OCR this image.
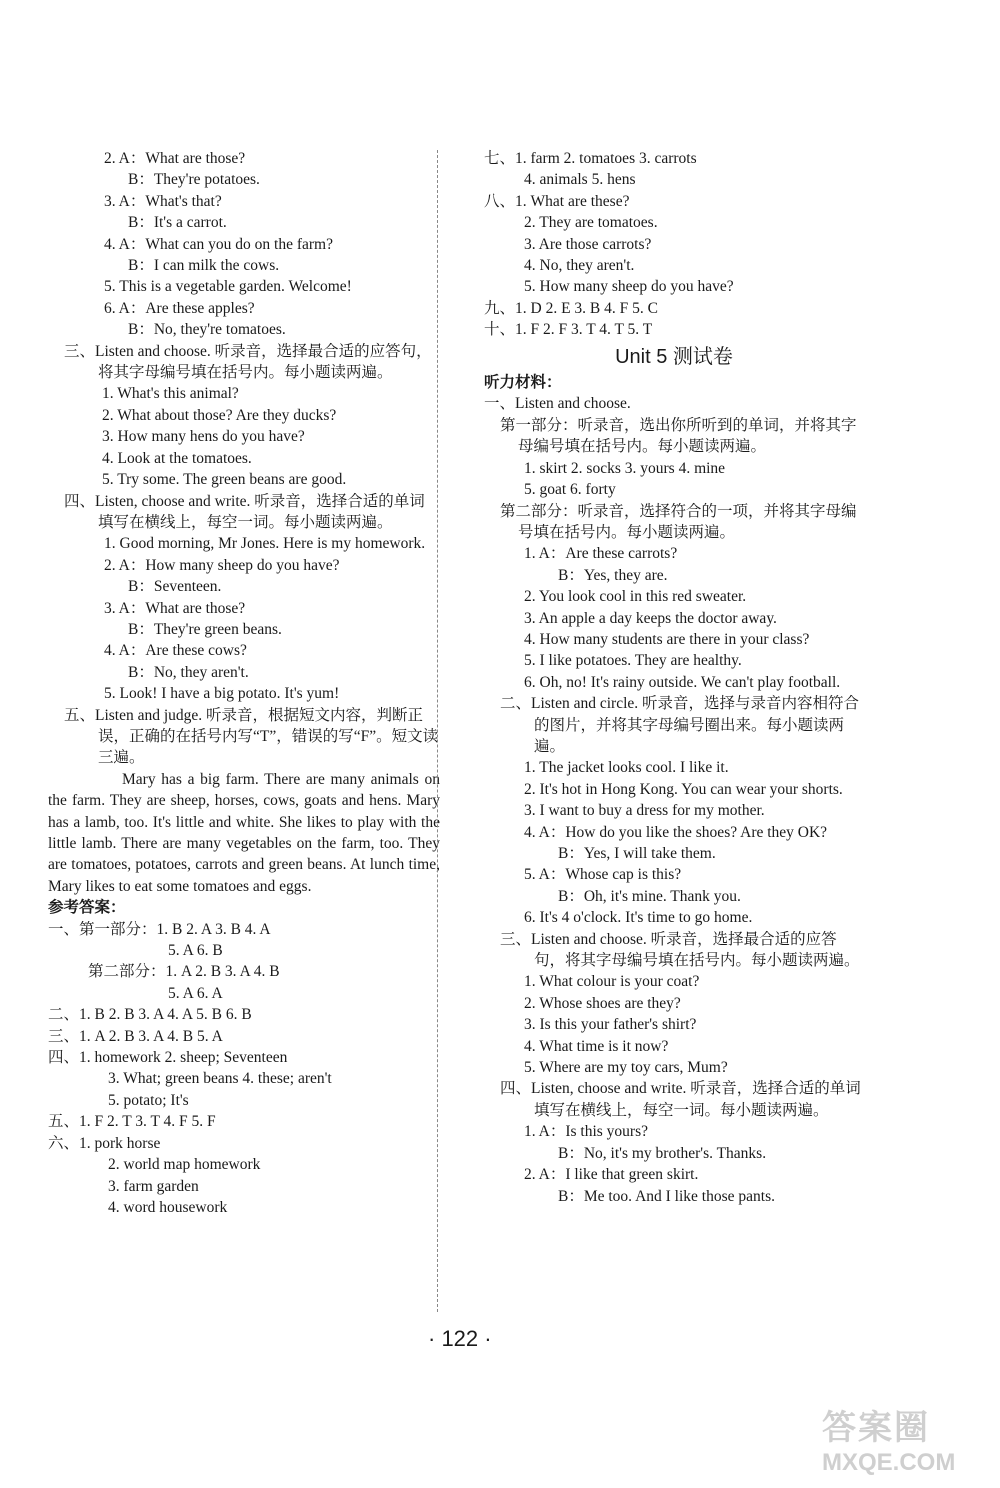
2. A：What are those?
B：They're potatoes.
3. A：What's that?
B：It's a carrot.
4. A：What can you do on the farm?
B：I can milk the cows.
5. This is a vegetable garden. Welcome!
6. A：Are these apples?
B：No, they're tomatoes.
三、Listen and choose. 听录音，选择最合适的应答句，将其字母编号填在括号内。每小题读两遍。
1. What's this animal?
2. What about those? Are they ducks?
3. How many hens do you have?
4. Look at the tomatoes.
5. Try some. The green beans are good.
四、Listen, choose and write. 听录音，选择合适的单词填写在横线上，每空一词。每小题读两遍。
1. Good morning, Mr Jones. Here is my homework.
2. A：How many sheep do you have?
B：Seventeen.
3. A：What are those?
B：They're green beans.
4. A：Are these cows?
B：No, they aren't.
5. Look! I have a big potato. It's yum!
五、Listen and judge. 听录音，根据短文内容，判断正误，正确的在括号内写“T”，错误的写“F”。短文读三遍。
Mary has a big farm. There are many animals on the farm. They are sheep, horses, cows, goats and hens. Mary has a lamb, too. It's little and white. She likes to play with the little lamb. There are many vegetables on the farm, too. They are tomatoes, potatoes, carrots and green beans. At lunch time, Mary likes to eat some tomatoes and eggs.
参考答案：
一、第一部分：1. B 2. A 3. B 4. A
5. A 6. B
第二部分：1. A 2. B 3. A 4. B
5. A 6. A
二、1. B 2. B 3. A 4. A 5. B 6. B
三、1. A 2. B 3. A 4. B 5. A
四、1. homework 2. sheep; Seventeen
3. What; green beans 4. these; aren't
5. potato; It's
五、1. F 2. T 3. T 4. F 5. F
六、1. pork horse
2. world map homework
3. farm garden
4. word housework
七、1. farm 2. tomatoes 3. carrots
4. animals 5. hens
八、1. What are these?
2. They are tomatoes.
3. Are those carrots?
4. No, they aren't.
5. How many sheep do you have?
九、1. D 2. E 3. B 4. F 5. C
十、1. F 2. F 3. T 4. T 5. T
Unit 5 测试卷
听力材料：
一、Listen and choose.
第一部分：听录音，选出你所听到的单词，并将其字母编号填在括号内。每小题读两遍。
1. skirt 2. socks 3. yours 4. mine
5. goat 6. forty
第二部分：听录音，选择符合的一项，并将其字母编号填在括号内。每小题读两遍。
1. A：Are these carrots?
B：Yes, they are.
2. You look cool in this red sweater.
3. An apple a day keeps the doctor away.
4. How many students are there in your class?
5. I like potatoes. They are healthy.
6. Oh, no! It's rainy outside. We can't play football.
二、Listen and circle. 听录音，选择与录音内容相符合的图片，并将其字母编号圈出来。每小题读两遍。
1. The jacket looks cool. I like it.
2. It's hot in Hong Kong. You can wear your shorts.
3. I want to buy a dress for my mother.
4. A：How do you like the shoes? Are they OK?
B：Yes, I will take them.
5. A：Whose cap is this?
B：Oh, it's mine. Thank you.
6. It's 4 o'clock. It's time to go home.
三、Listen and choose. 听录音，选择最合适的应答句，将其字母编号填在括号内。每小题读两遍。
1. What colour is your coat?
2. Whose shoes are they?
3. Is this your father's shirt?
4. What time is it now?
5. Where are my toy cars, Mum?
四、Listen, choose and write. 听录音，选择合适的单词填写在横线上，每空一词。每小题读两遍。
1. A：Is this yours?
B：No, it's my brother's. Thanks.
2. A：I like that green skirt.
B：Me too. And I like those pants.
· 122 ·
答案圈
MXQE.COM
